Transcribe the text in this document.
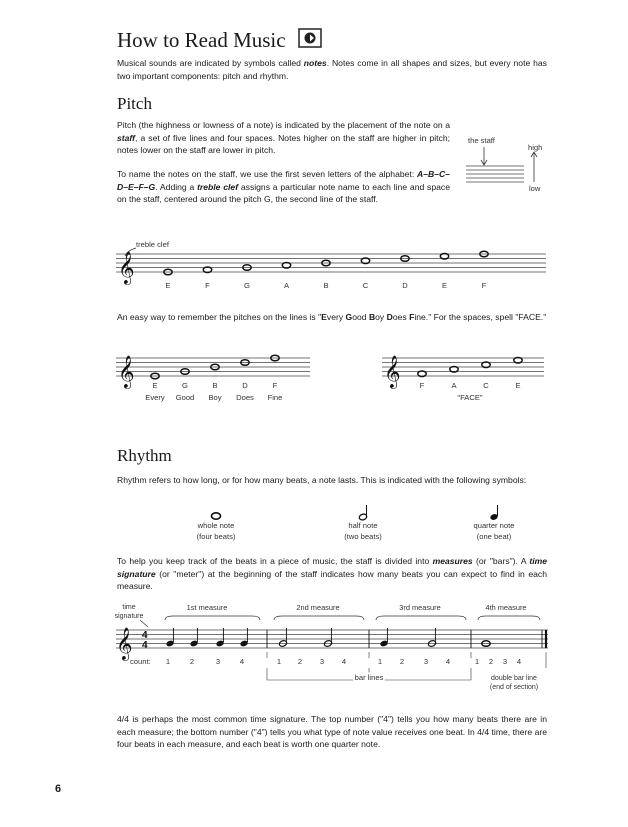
How to Read Music
Musical sounds are indicated by symbols called notes. Notes come in all shapes and sizes, but every note has two important components: pitch and rhythm.
Pitch
Pitch (the highness or lowness of a note) is indicated by the placement of the note on a staff, a set of five lines and four spaces. Notes higher on the staff are higher in pitch; notes lower on the staff are lower in pitch.
To name the notes on the staff, we use the first seven letters of the alphabet: A–B–C–D–E–F–G. Adding a treble clef assigns a particular note name to each line and space on the staff, centered around the pitch G, the second line of the staff.
the staff
high
low
treble clef
𝄞
E	F	G	A	B	C	D	E	F
An easy way to remember the pitches on the lines is "Every Good Boy Does Fine." For the spaces, spell "FACE."
𝄞 E
Every
G
Good
B
Boy
D
Does
F
Fine
𝄞	F	A	C	E
"FACE"
Rhythm
Rhythm refers to how long, or for how many beats, a note lasts. This is indicated with the following symbols:
whole note
(four beats)
half note
(two beats)
quarter note
(one beat)
To help you keep track of the beats in a piece of music, the staff is divided into measures (or "bars"). A time signature (or "meter") at the beginning of the staff indicates how many beats you can expect to find in each measure.
time
signature
1st measure	2nd measure	3rd measure	4th measure
𝄞 4
4
count: 1	2	3	4	1 2 3 4	1 2	3 4	1 2 3 4
bar lines	double bar line
(end of section)
4/4 is perhaps the most common time signature. The top number ("4") tells you how many beats there are in each measure; the bottom number ("4") tells you what type of note value receives one beat. In 4/4 time, there are four beats in each measure, and each beat is worth one quarter note.
6
